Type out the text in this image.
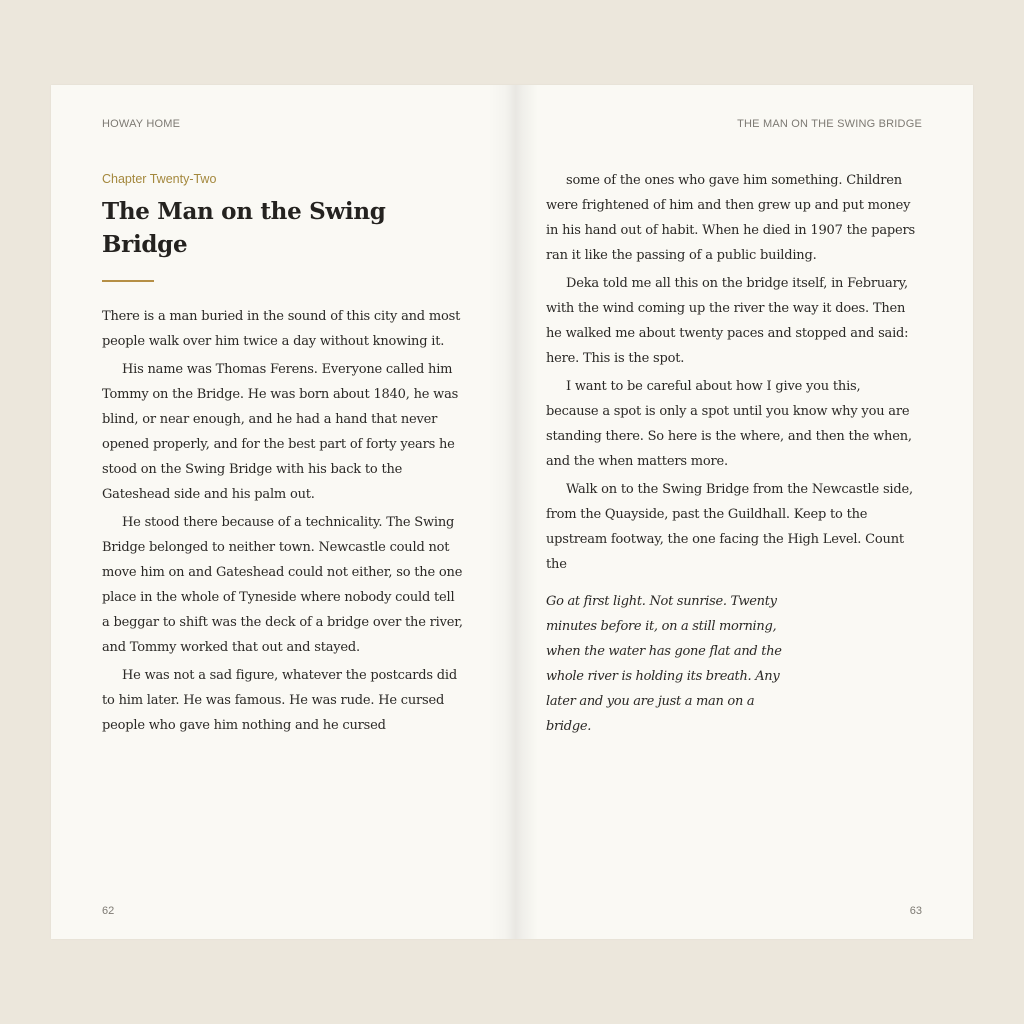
HOWAY HOME
Chapter Twenty-Two
The Man on the Swing Bridge

There is a man buried in the sound of this city and most people walk over him twice a day without knowing it.

His name was Thomas Ferens. Everyone called him Tommy on the Bridge. He was born about 1840, he was blind, or near enough, and he had a hand that never opened properly, and for the best part of forty years he stood on the Swing Bridge with his back to the Gateshead side and his palm out.

He stood there because of a technicality. The Swing Bridge belonged to neither town. Newcastle could not move him on and Gateshead could not either, so the one place in the whole of Tyneside where nobody could tell a beggar to shift was the deck of a bridge over the river, and Tommy worked that out and stayed.

He was not a sad figure, whatever the postcards did to him later. He was famous. He was rude. He cursed people who gave him nothing and he cursed

62
THE MAN ON THE SWING BRIDGE

some of the ones who gave him something. Children were frightened of him and then grew up and put money in his hand out of habit. When he died in 1907 the papers ran it like the passing of a public building.

Deka told me all this on the bridge itself, in February, with the wind coming up the river the way it does. Then he walked me about twenty paces and stopped and said: here. This is the spot.

I want to be careful about how I give you this, because a spot is only a spot until you know why you are standing there. So here is the where, and then the when, and the when matters more.

Walk on to the Swing Bridge from the Newcastle side, from the Quayside, past the Guildhall. Keep to the upstream footway, the one facing the High Level. Count the

Go at first light. Not sunrise. Twenty minutes before it, on a still morning, when the water has gone flat and the whole river is holding its breath. Any later and you are just a man on a bridge.

63
